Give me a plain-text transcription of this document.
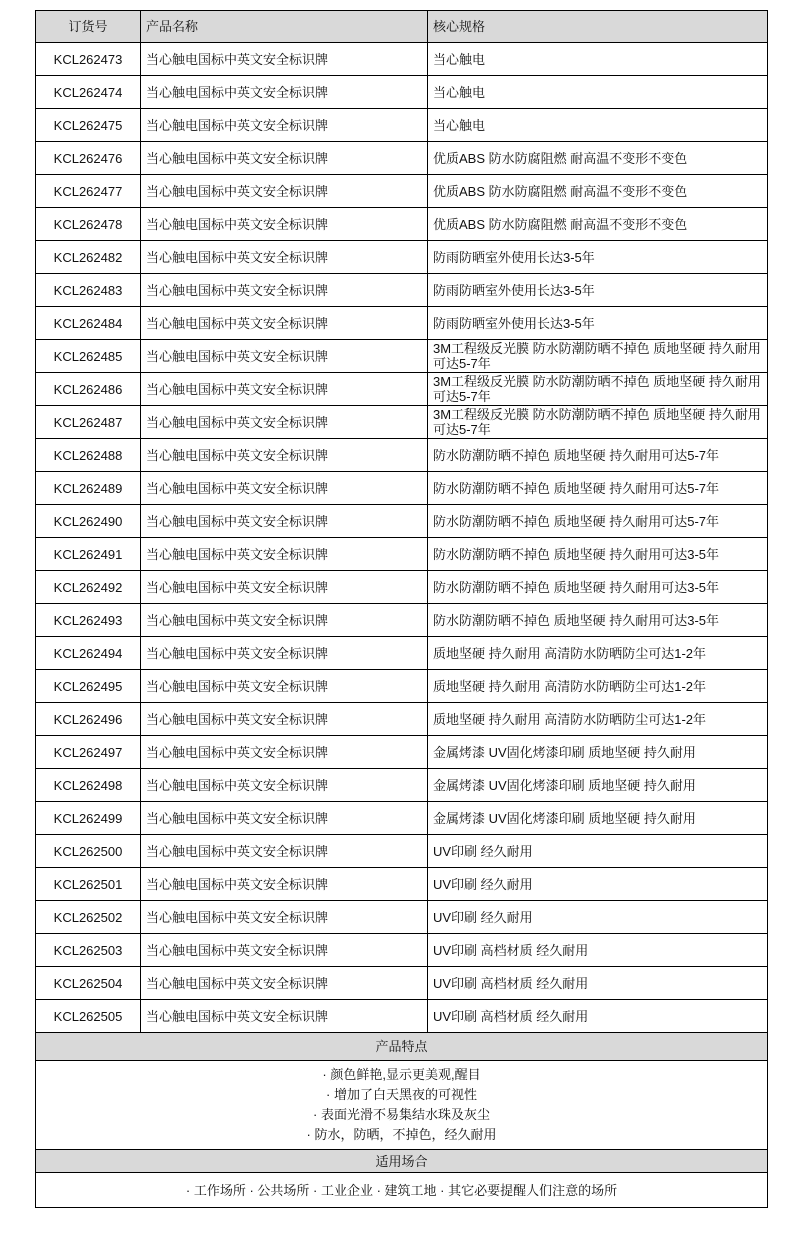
订货号	产品名称	核心规格
KCL262473	当心触电国标中英文安全标识牌	当心触电
KCL262474	当心触电国标中英文安全标识牌	当心触电
KCL262475	当心触电国标中英文安全标识牌	当心触电
KCL262476	当心触电国标中英文安全标识牌	优质ABS 防水防腐阻燃 耐高温不变形不变色
KCL262477	当心触电国标中英文安全标识牌	优质ABS 防水防腐阻燃 耐高温不变形不变色
KCL262478	当心触电国标中英文安全标识牌	优质ABS 防水防腐阻燃 耐高温不变形不变色
KCL262482	当心触电国标中英文安全标识牌	防雨防晒室外使用长达3-5年
KCL262483	当心触电国标中英文安全标识牌	防雨防晒室外使用长达3-5年
KCL262484	当心触电国标中英文安全标识牌	防雨防晒室外使用长达3-5年
KCL262485	当心触电国标中英文安全标识牌	3M工程级反光膜 防水防潮防晒不掉色 质地坚硬 持久耐用可达5-7年
KCL262486	当心触电国标中英文安全标识牌	3M工程级反光膜 防水防潮防晒不掉色 质地坚硬 持久耐用可达5-7年
KCL262487	当心触电国标中英文安全标识牌	3M工程级反光膜 防水防潮防晒不掉色 质地坚硬 持久耐用可达5-7年
KCL262488	当心触电国标中英文安全标识牌	防水防潮防晒不掉色 质地坚硬 持久耐用可达5-7年
KCL262489	当心触电国标中英文安全标识牌	防水防潮防晒不掉色 质地坚硬 持久耐用可达5-7年
KCL262490	当心触电国标中英文安全标识牌	防水防潮防晒不掉色 质地坚硬 持久耐用可达5-7年
KCL262491	当心触电国标中英文安全标识牌	防水防潮防晒不掉色 质地坚硬 持久耐用可达3-5年
KCL262492	当心触电国标中英文安全标识牌	防水防潮防晒不掉色 质地坚硬 持久耐用可达3-5年
KCL262493	当心触电国标中英文安全标识牌	防水防潮防晒不掉色 质地坚硬 持久耐用可达3-5年
KCL262494	当心触电国标中英文安全标识牌	质地坚硬 持久耐用 高清防水防晒防尘可达1-2年
KCL262495	当心触电国标中英文安全标识牌	质地坚硬 持久耐用 高清防水防晒防尘可达1-2年
KCL262496	当心触电国标中英文安全标识牌	质地坚硬 持久耐用 高清防水防晒防尘可达1-2年
KCL262497	当心触电国标中英文安全标识牌	金属烤漆 UV固化烤漆印刷 质地坚硬 持久耐用
KCL262498	当心触电国标中英文安全标识牌	金属烤漆 UV固化烤漆印刷 质地坚硬 持久耐用
KCL262499	当心触电国标中英文安全标识牌	金属烤漆 UV固化烤漆印刷 质地坚硬 持久耐用
KCL262500	当心触电国标中英文安全标识牌	UV印刷 经久耐用
KCL262501	当心触电国标中英文安全标识牌	UV印刷 经久耐用
KCL262502	当心触电国标中英文安全标识牌	UV印刷 经久耐用
KCL262503	当心触电国标中英文安全标识牌	UV印刷 高档材质 经久耐用
KCL262504	当心触电国标中英文安全标识牌	UV印刷 高档材质 经久耐用
KCL262505	当心触电国标中英文安全标识牌	UV印刷 高档材质 经久耐用
产品特点		

· 颜色鲜艳,显示更美观,醒目
· 增加了白天黑夜的可视性
· 表面光滑不易集结水珠及灰尘
· 防水，防晒，不掉色，经久耐用		

适用场合		
· 工作场所 · 公共场所 · 工业企业 · 建筑工地 · 其它必要提醒人们注意的场所		
